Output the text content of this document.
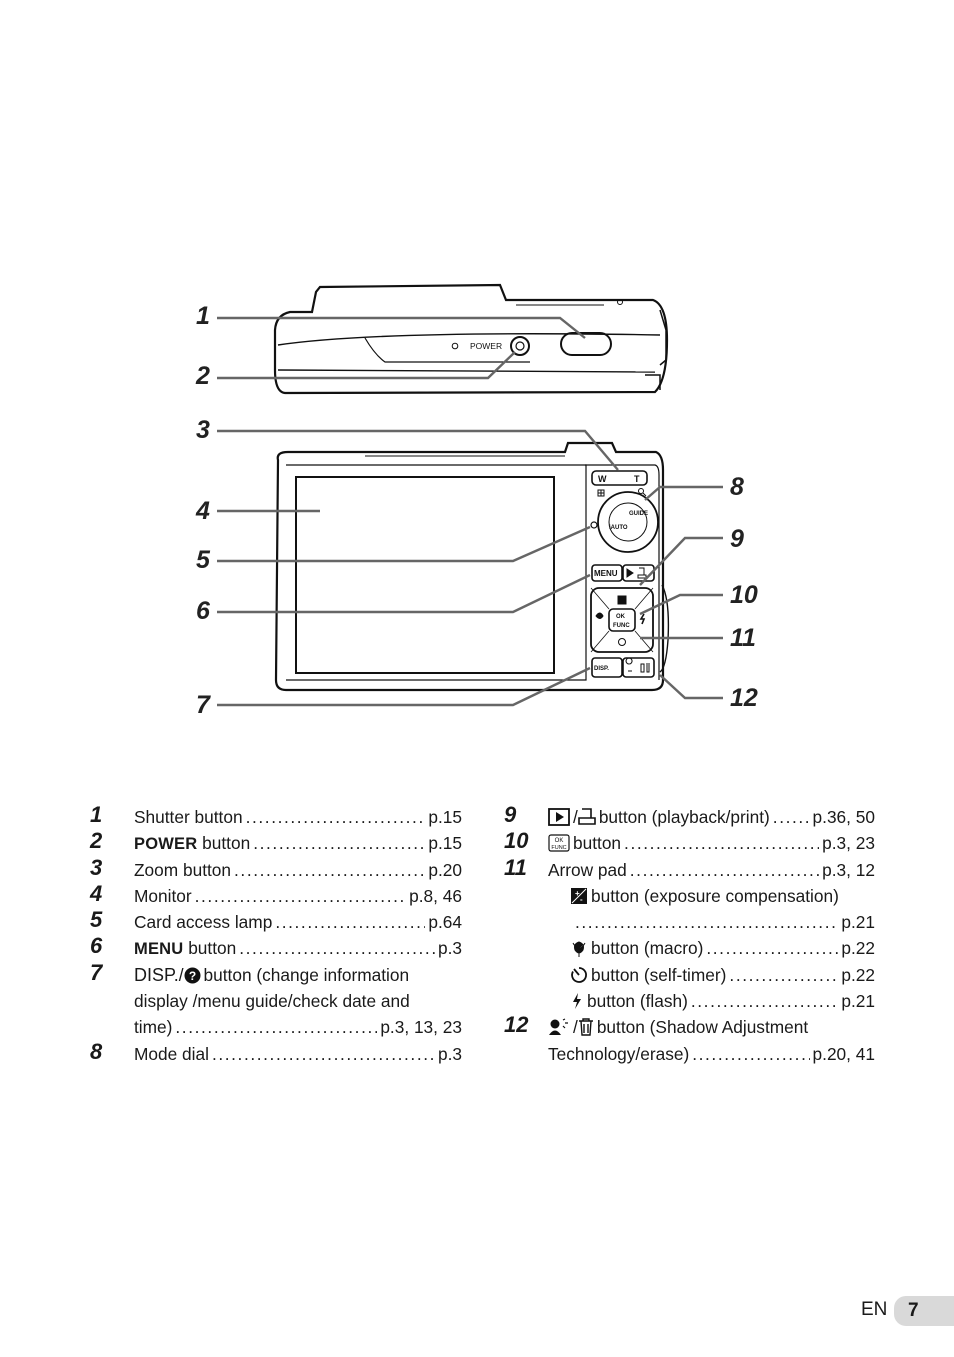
POWER
W	T
iAUTO
GUIDE
MENU
OK
FUNC
DISP.
1
2
3
4
5
6
7
8
9
10
11
12
1 Shutter button . . .	p.15
2 POWER button . . .	p.15
3 Zoom button . . .	p.20
4 Monitor . . .	p.8, 46
5 Card access lamp . . .	p.64
6 MENU button . . .	p.3
7 DISP./ ? button (change information
display /menu guide/check date and
time) . . .	p.3, 13, 23
8 Mode dial . . .	p.3
9	/ button (playback/print) . . . p.36, 50
10	OK
FUNC button . . .	p.3, 23
11 Arrow pad . . .	p.3, 12
+
- button (exposure compensation)
. . .
p.21
button (macro) . . .	p.22
button (self-timer) . . .	p.22
button (flash) . . .	p.21
12	/ button (Shadow Adjustment
Technology/erase) . . .	p.20, 41
EN	7
